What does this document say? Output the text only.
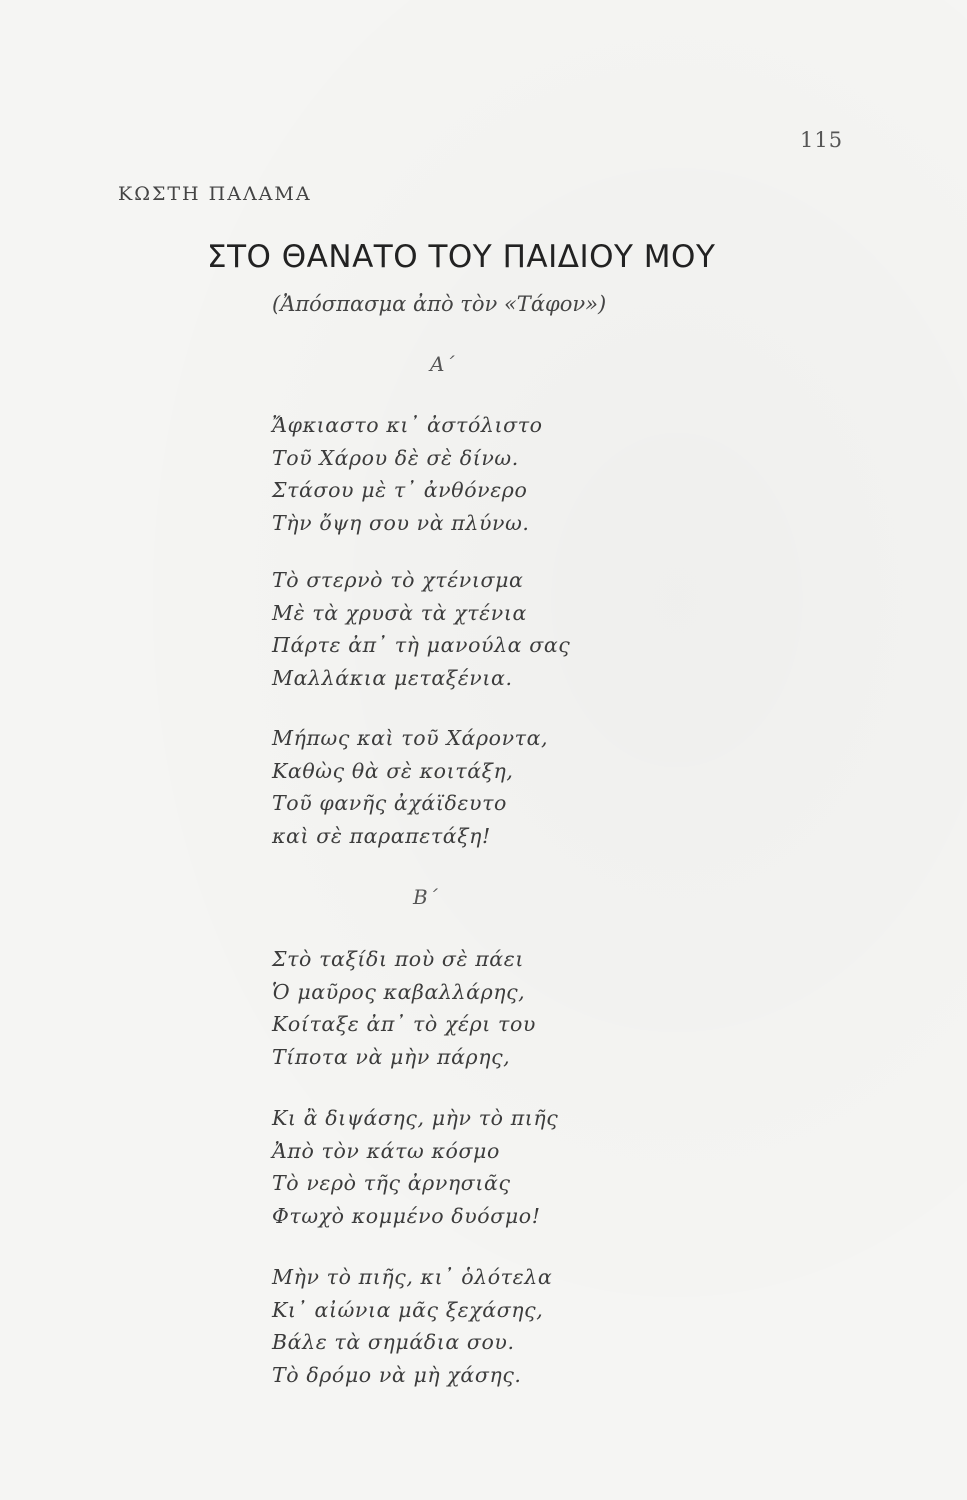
115
ΚΩΣΤΗ ΠΑΛΑΜΑ
ΣΤΟ ΘΑΝΑΤΟ ΤΟΥ ΠΑΙΔΙΟΥ ΜΟΥ
(Ἀπόσπασμα ἀπὸ τὸν «Τάφον»)
Α΄
Ἄφκιαστο κι᾽ ἀστόλιστο
Τοῦ Χάρου δὲ σὲ δίνω.
Στάσου μὲ τ᾽ ἀνθόνερο
Τὴν ὄψη σου νὰ πλύνω.
Τὸ στερνὸ τὸ χτένισμα
Μὲ τὰ χρυσὰ τὰ χτένια
Πάρτε ἀπ᾽ τὴ μανούλα σας
Μαλλάκια μεταξένια.
Μήπως καὶ τοῦ Χάροντα,
Καθὼς θὰ σὲ κοιτάξη,
Τοῦ φανῆς ἀχάϊδευτο
καὶ σὲ παραπετάξη!
Β΄
Στὸ ταξίδι ποὺ σὲ πάει
Ὁ μαῦρος καβαλλάρης,
Κοίταξε ἀπ᾽ τὸ χέρι του
Τίποτα νὰ μὴν πάρης,
Κι ἂ διψάσης, μὴν τὸ πιῆς
Ἀπὸ τὸν κάτω κόσμο
Τὸ νερὸ τῆς ἀρνησιᾶς
Φτωχὸ κομμένο δυόσμο!
Μὴν τὸ πιῆς, κι᾽ ὁλότελα
Κι᾽ αἰώνια μᾶς ξεχάσης,
Βάλε τὰ σημάδια σου.
Τὸ δρόμο νὰ μὴ χάσης.
